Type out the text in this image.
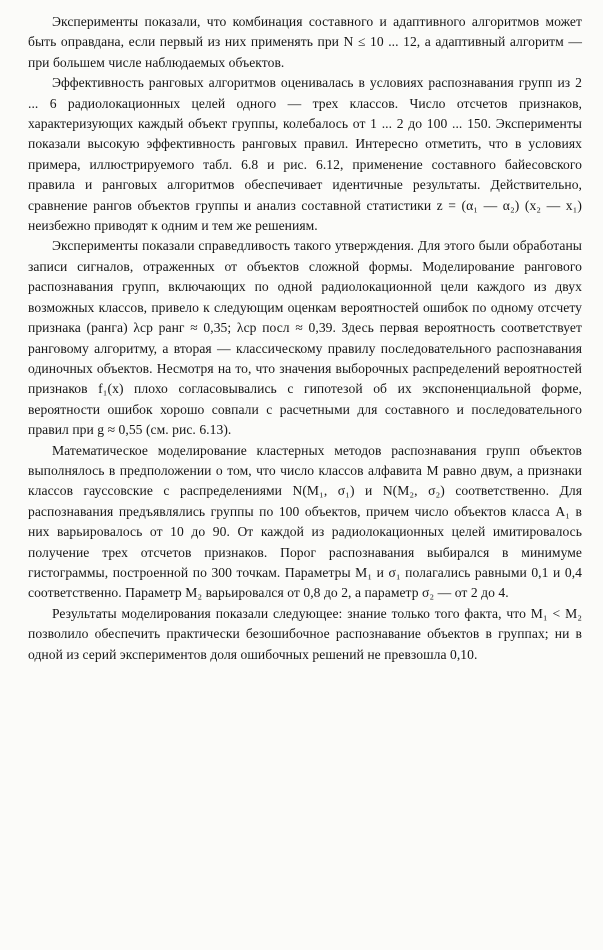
Эксперименты показали, что комбинация составного и адаптивного алгоритмов может быть оправдана, если первый из них применять при N ≤ 10 ... 12, а адаптивный алгоритм — при большем числе наблюдаемых объектов.

Эффективность ранговых алгоритмов оценивалась в условиях распознавания групп из 2 ... 6 радиолокационных целей одного — трех классов. Число отсчетов признаков, характеризующих каждый объект группы, колебалось от 1 ... 2 до 100 ... 150. Эксперименты показали высокую эффективность ранговых правил. Интересно отметить, что в условиях примера, иллюстрируемого табл. 6.8 и рис. 6.12, применение составного байесовского правила и ранговых алгоритмов обеспечивает идентичные результаты. Действительно, сравнение рангов объектов группы и анализ составной статистики z = (α₁ — α₂) (x₂ — x₁) неизбежно приводят к одним и тем же решениям.

Эксперименты показали справедливость такого утверждения. Для этого были обработаны записи сигналов, отраженных от объектов сложной формы. Моделирование рангового распознавания групп, включающих по одной радиолокационной цели каждого из двух возможных классов, привело к следующим оценкам вероятностей ошибок по одному отсчету признака (ранга) λср ранг ≈ 0,35; λср посл ≈ 0,39. Здесь первая вероятность соответствует ранговому алгоритму, а вторая — классическому правилу последовательного распознавания одиночных объектов. Несмотря на то, что значения выборочных распределений вероятностей признаков f₁(x) плохо согласовывались с гипотезой об их экспоненциальной форме, вероятности ошибок хорошо совпали с расчетными для составного и последовательного правил при g ≈ 0,55 (см. рис. 6.13).

Математическое моделирование кластерных методов распознавания групп объектов выполнялось в предположении о том, что число классов алфавита M равно двум, а признаки классов гауссовские с распределениями N(M₁, σ₁) и N(M₂, σ₂) соответственно. Для распознавания предъявлялись группы по 100 объектов, причем число объектов класса A₁ в них варьировалось от 10 до 90. От каждой из радиолокационных целей имитировалось получение трех отсчетов признаков. Порог распознавания выбирался в минимуме гистограммы, построенной по 300 точкам. Параметры M₁ и σ₁ полагались равными 0,1 и 0,4 соответственно. Параметр M₂ варьировался от 0,8 до 2, а параметр σ₂ — от 2 до 4.

Результаты моделирования показали следующее: знание только того факта, что M₁ < M₂ позволило обеспечить практически безошибочное распознавание объектов в группах; ни в одной из серий экспериментов доля ошибочных решений не превзошла 0,10.
